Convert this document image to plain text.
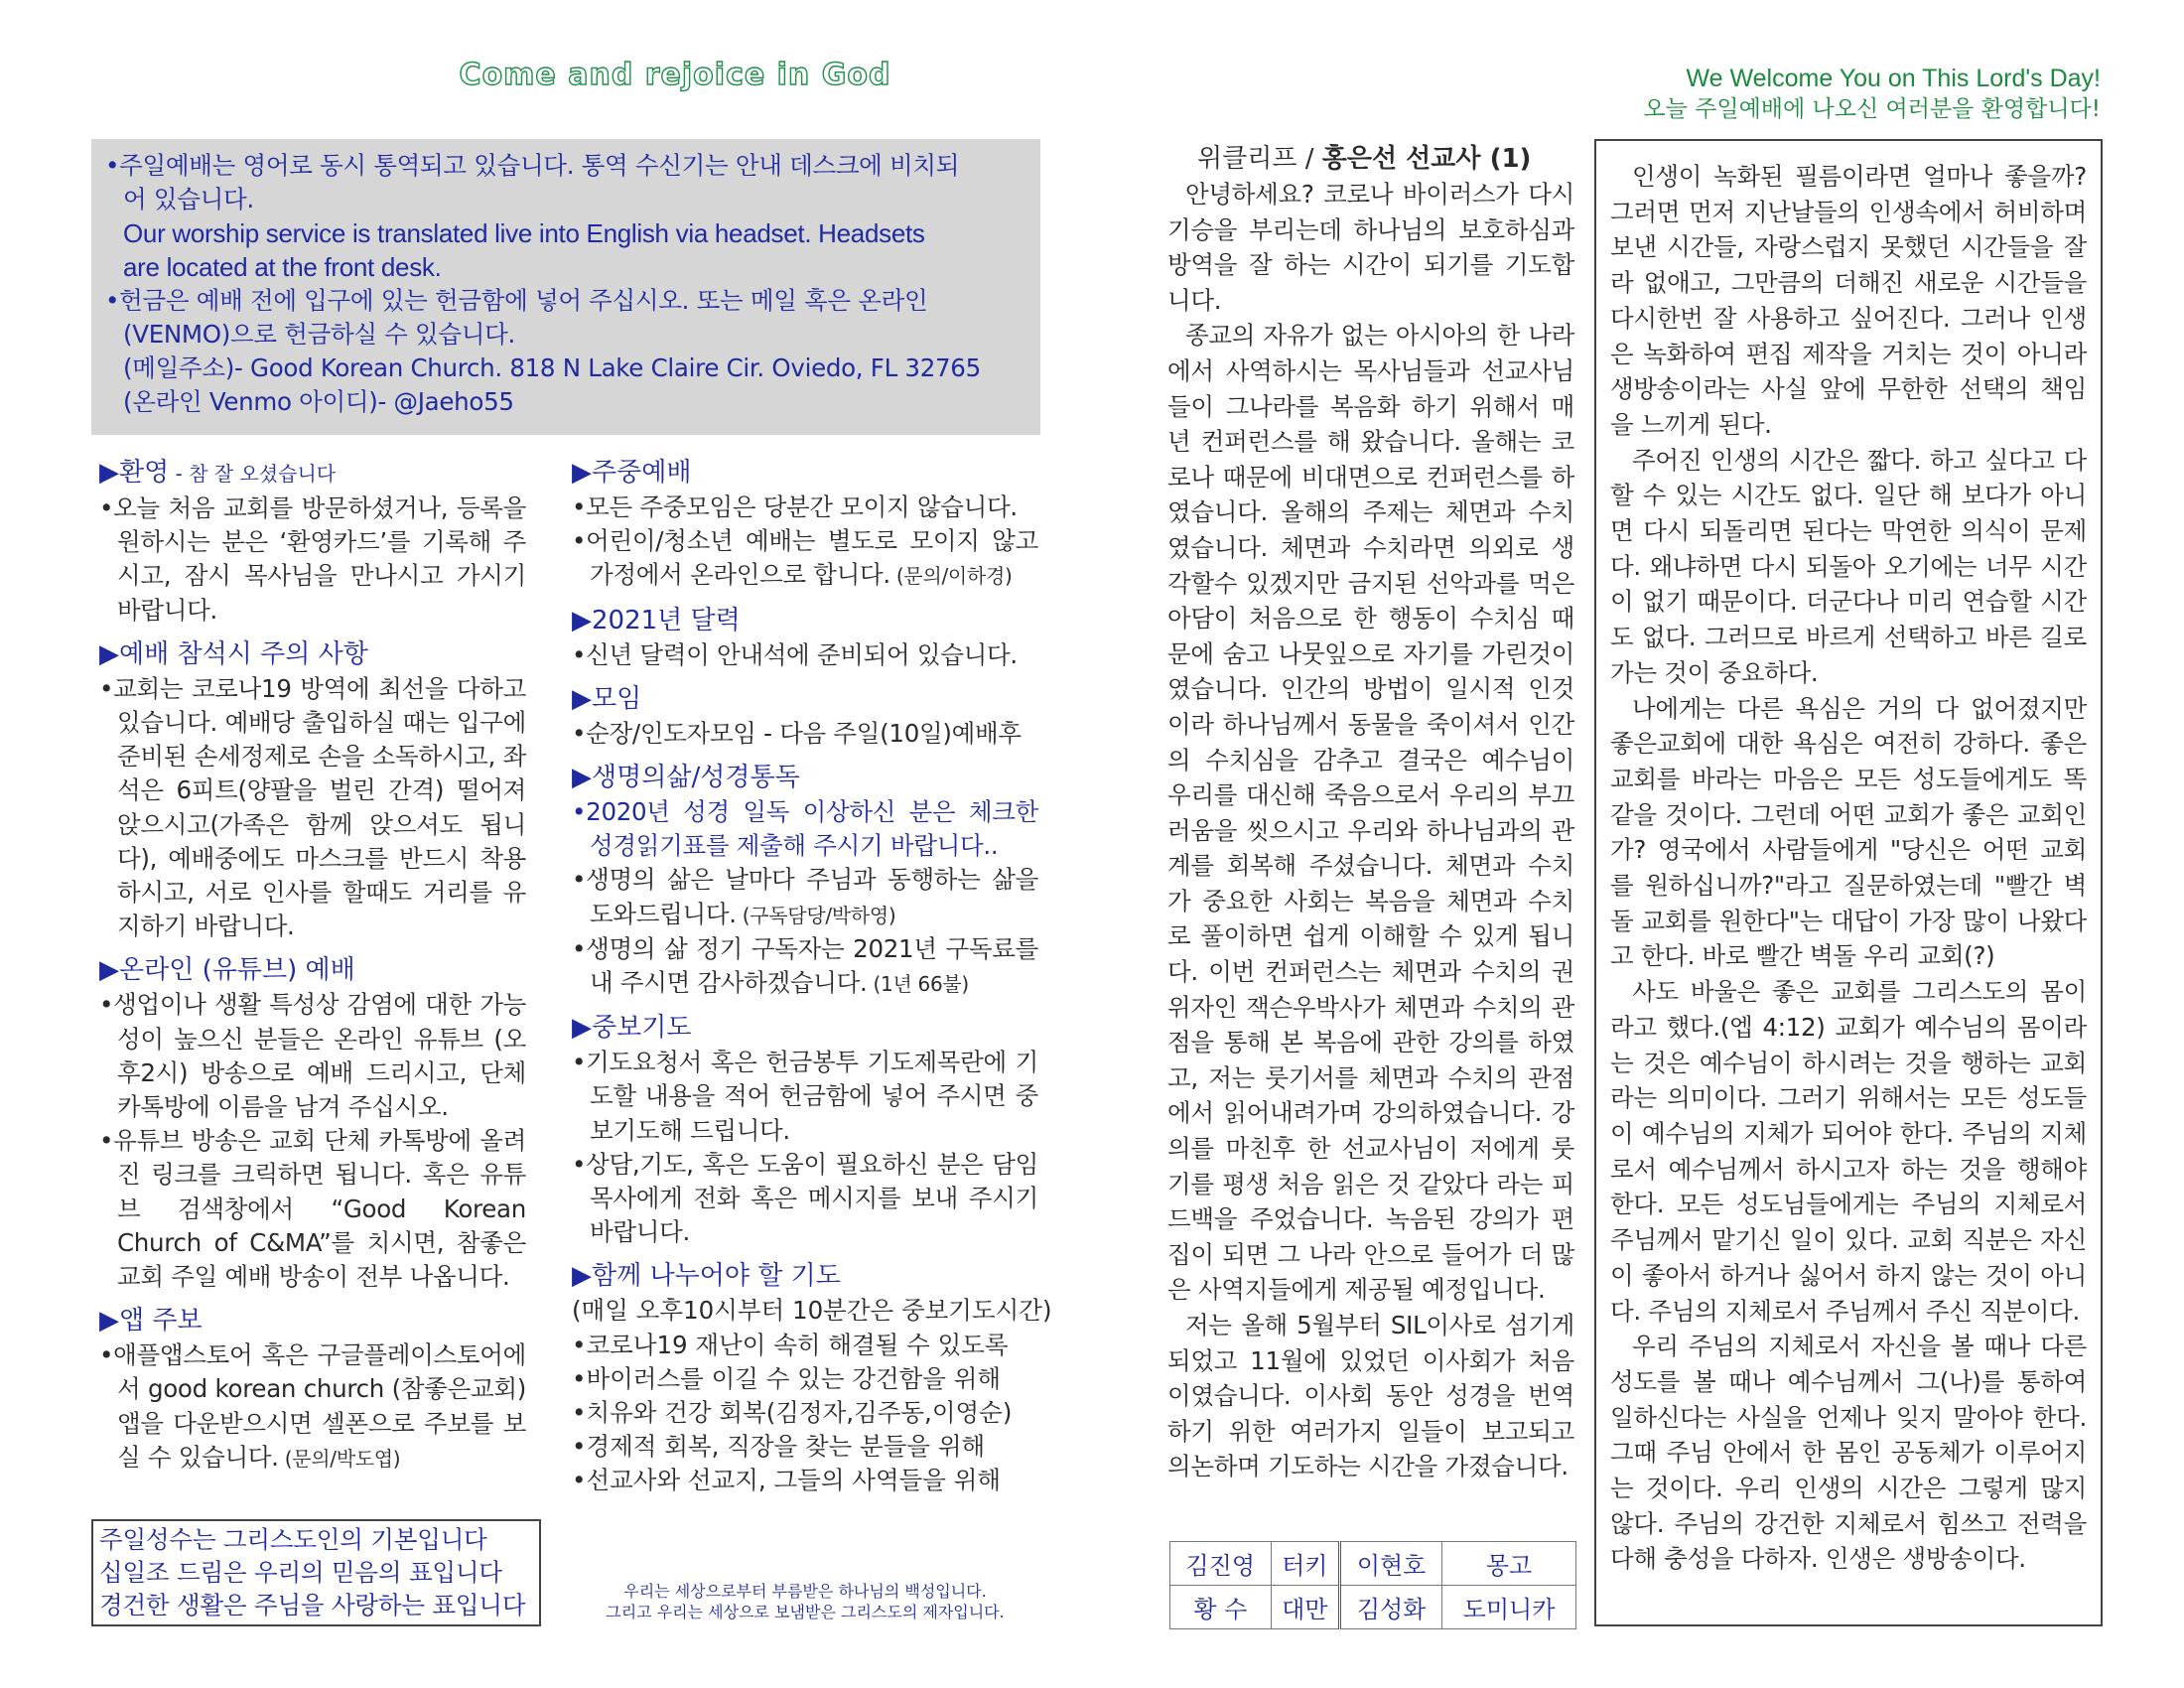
Come and rejoice in God	We Welcome You on This Lord's Day!
오늘 주일예배에 나오신 여러분을 환영합니다!

•주일예배는 영어로 동시 통역되고 있습니다. 통역 수신기는 안내 데스크에 비치되

어 있습니다.

Our worship service is translated live into English via headset. Headsets

are located at the front desk.

•헌금은 예배 전에 입구에 있는 헌금함에 넣어 주십시오. 또는 메일 혹은 온라인

(VENMO)으로 헌금하실 수 있습니다.

(메일주소)- Good Korean Church. 818 N Lake Claire Cir. Oviedo, FL 32765

(온라인 Venmo 아이디)- @Jaeho55

▶환영 - 참 잘 오셨습니다
•오늘 처음 교회를 방문하셨거나, 등록을 원하시는 분은 ‘환영카드’를 기록해 주시고, 잠시 목사님을 만나시고 가시기 바랍니다.
▶예배 참석시 주의 사항
•교회는 코로나19 방역에 최선을 다하고 있습니다. 예배당 출입하실 때는 입구에 준비된 손세정제로 손을 소독하시고, 좌석은 6피트(양팔을 벌린 간격) 떨어져 앉으시고(가족은 함께 앉으셔도 됩니다), 예배중에도 마스크를 반드시 착용하시고, 서로 인사를 할때도 거리를 유지하기 바랍니다.
▶온라인 (유튜브) 예배
•생업이나 생활 특성상 감염에 대한 가능성이 높으신 분들은 온라인 유튜브 (오후2시) 방송으로 예배 드리시고, 단체 카톡방에 이름을 남겨 주십시오.
•유튜브 방송은 교회 단체 카톡방에 올려진 링크를 크릭하면 됩니다. 혹은 유튜브 검색창에서 “Good Korean Church of C&MA”를 치시면, 참좋은교회 주일 예배 방송이 전부 나옵니다.
▶앱 주보
•애플앱스토어 혹은 구글플레이스토어에서 good korean church (참좋은교회) 앱을 다운받으시면 셀폰으로 주보를 보실 수 있습니다. (문의/박도엽)

주일성수는 그리스도인의 기본입니다

십일조 드림은 우리의 믿음의 표입니다

경건한 생활은 주님을 사랑하는 표입니다

▶주중예배
•모든 주중모임은 당분간 모이지 않습니다.
•어린이/청소년 예배는 별도로 모이지 않고 가정에서 온라인으로 합니다. (문의/이하경)
▶2021년 달력
•신년 달력이 안내석에 준비되어 있습니다.
▶모임
•순장/인도자모임 - 다음 주일(10일)예배후
▶생명의삶/성경통독
•2020년 성경 일독 이상하신 분은 체크한 성경읽기표를 제출해 주시기 바랍니다..
•생명의 삶은 날마다 주님과 동행하는 삶을 도와드립니다. (구독담당/박하영)
•생명의 삶 정기 구독자는 2021년 구독료를 내 주시면 감사하겠습니다. (1년 66불)
▶중보기도
•기도요청서 혹은 헌금봉투 기도제목란에 기도할 내용을 적어 헌금함에 넣어 주시면 중보기도해 드립니다.
•상담,기도, 혹은 도움이 필요하신 분은 담임 목사에게 전화 혹은 메시지를 보내 주시기 바랍니다.
▶함께 나누어야 할 기도
(매일 오후10시부터 10분간은 중보기도시간)
•코로나19 재난이 속히 해결될 수 있도록
•바이러스를 이길 수 있는 강건함을 위해
•치유와 건강 회복(김정자,김주동,이영순)
•경제적 회복, 직장을 찾는 분들을 위해
•선교사와 선교지, 그들의 사역들을 위해
우리는 세상으로부터 부름받은 하나님의 백성입니다.
그리고 우리는 세상으로 보냄받은 그리스도의 제자입니다.
위클리프 / 홍은선 선교사 (1)

안녕하세요? 코로나 바이러스가 다시 기승을 부리는데 하나님의 보호하심과 방역을 잘 하는 시간이 되기를 기도합니다.

종교의 자유가 없는 아시아의 한 나라에서 사역하시는 목사님들과 선교사님들이 그나라를 복음화 하기 위해서 매년 컨퍼런스를 해 왔습니다. 올해는 코로나 때문에 비대면으로 컨퍼런스를 하였습니다. 올해의 주제는 체면과 수치였습니다. 체면과 수치라면 의외로 생각할수 있겠지만 금지된 선악과를 먹은 아담이 처음으로 한 행동이 수치심 때문에 숨고 나뭇잎으로 자기를 가린것이였습니다. 인간의 방법이 일시적 인것이라 하나님께서 동물을 죽이셔서 인간의 수치심을 감추고 결국은 예수님이 우리를 대신해 죽음으로서 우리의 부끄러움을 씻으시고 우리와 하나님과의 관계를 회복해 주셨습니다. 체면과 수치가 중요한 사회는 복음을 체면과 수치로 풀이하면 쉽게 이해할 수 있게 됩니다. 이번 컨퍼런스는 체면과 수치의 권위자인 잭슨우박사가 체면과 수치의 관점을 통해 본 복음에 관한 강의를 하였고, 저는 룻기서를 체면과 수치의 관점에서 읽어내려가며 강의하였습니다. 강의를 마친후 한 선교사님이 저에게 룻기를 평생 처음 읽은 것 같았다 라는 피드백을 주었습니다. 녹음된 강의가 편집이 되면 그 나라 안으로 들어가 더 많은 사역지들에게 제공될 예정입니다.

저는 올해 5월부터 SIL이사로 섬기게 되었고 11월에 있었던 이사회가 처음이였습니다. 이사회 동안 성경을 번역하기 위한 여러가지 일들이 보고되고 의논하며 기도하는 시간을 가졌습니다.

김진영	터키	이현호	몽고
황 수	대만	김성화	도미니카

인생이 녹화된 필름이라면 얼마나 좋을까? 그러면 먼저 지난날들의 인생속에서 허비하며 보낸 시간들, 자랑스럽지 못했던 시간들을 잘라 없애고, 그만큼의 더해진 새로운 시간들을 다시한번 잘 사용하고 싶어진다. 그러나 인생은 녹화하여 편집 제작을 거치는 것이 아니라 생방송이라는 사실 앞에 무한한 선택의 책임을 느끼게 된다.

주어진 인생의 시간은 짧다. 하고 싶다고 다 할 수 있는 시간도 없다. 일단 해 보다가 아니면 다시 되돌리면 된다는 막연한 의식이 문제다. 왜냐하면 다시 되돌아 오기에는 너무 시간이 없기 때문이다. 더군다나 미리 연습할 시간도 없다. 그러므로 바르게 선택하고 바른 길로 가는 것이 중요하다.

나에게는 다른 욕심은 거의 다 없어졌지만 좋은교회에 대한 욕심은 여전히 강하다. 좋은 교회를 바라는 마음은 모든 성도들에게도 똑같을 것이다. 그런데 어떤 교회가 좋은 교회인가? 영국에서 사람들에게 "당신은 어떤 교회를 원하십니까?"라고 질문하였는데 "빨간 벽돌 교회를 원한다"는 대답이 가장 많이 나왔다고 한다. 바로 빨간 벽돌 우리 교회(?)

사도 바울은 좋은 교회를 그리스도의 몸이라고 했다.(엡 4:12) 교회가 예수님의 몸이라는 것은 예수님이 하시려는 것을 행하는 교회라는 의미이다. 그러기 위해서는 모든 성도들이 예수님의 지체가 되어야 한다. 주님의 지체로서 예수님께서 하시고자 하는 것을 행해야 한다. 모든 성도님들에게는 주님의 지체로서 주님께서 맡기신 일이 있다. 교회 직분은 자신이 좋아서 하거나 싫어서 하지 않는 것이 아니다. 주님의 지체로서 주님께서 주신 직분이다.

우리 주님의 지체로서 자신을 볼 때나 다른 성도를 볼 때나 예수님께서 그(나)를 통하여 일하신다는 사실을 언제나 잊지 말아야 한다. 그때 주님 안에서 한 몸인 공동체가 이루어지는 것이다. 우리 인생의 시간은 그렇게 많지 않다. 주님의 강건한 지체로서 힘쓰고 전력을 다해 충성을 다하자. 인생은 생방송이다.
